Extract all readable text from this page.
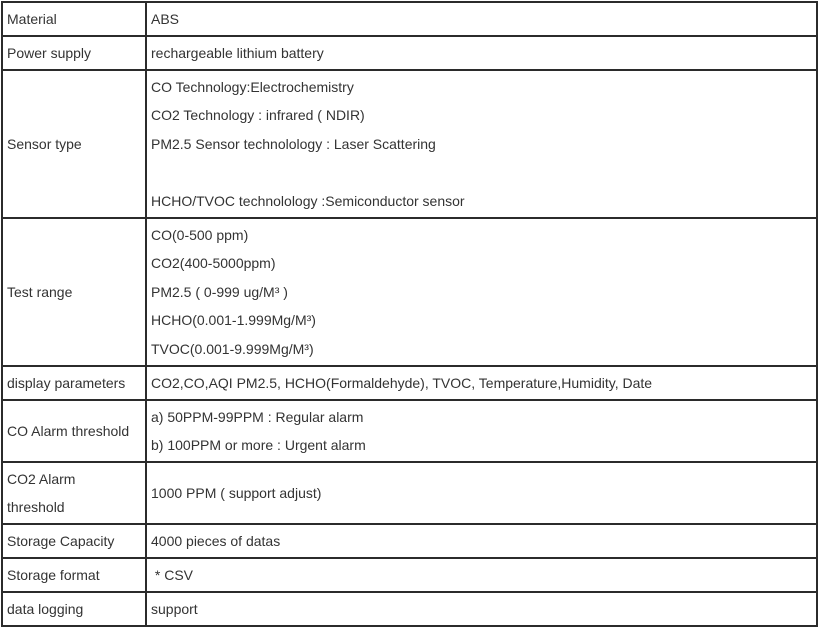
Material	ABS

Power supply	rechargeable lithium battery

Sensor type	CO Technology:Electrochemistry
CO2 Technology : infrared ( NDIR)
PM2.5 Sensor technolology : Laser Scattering
HCHO/TVOC technolology :Semiconductor sensor

Test range	CO(0-500 ppm)
CO2(400-5000ppm)
PM2.5 ( 0-999 ug/M³ )
HCHO(0.001-1.999Mg/M³)
TVOC(0.001-9.999Mg/M³)

display parameters	CO2,CO,AQI PM2.5, HCHO(Formaldehyde), TVOC, Temperature,Humidity, Date

CO Alarm threshold	a) 50PPM-99PPM : Regular alarm
b) 100PPM or more : Urgent alarm

CO2 Alarm
threshold	1000 PPM ( support adjust)

Storage Capacity	4000 pieces of datas

Storage format	* CSV

data logging	support
